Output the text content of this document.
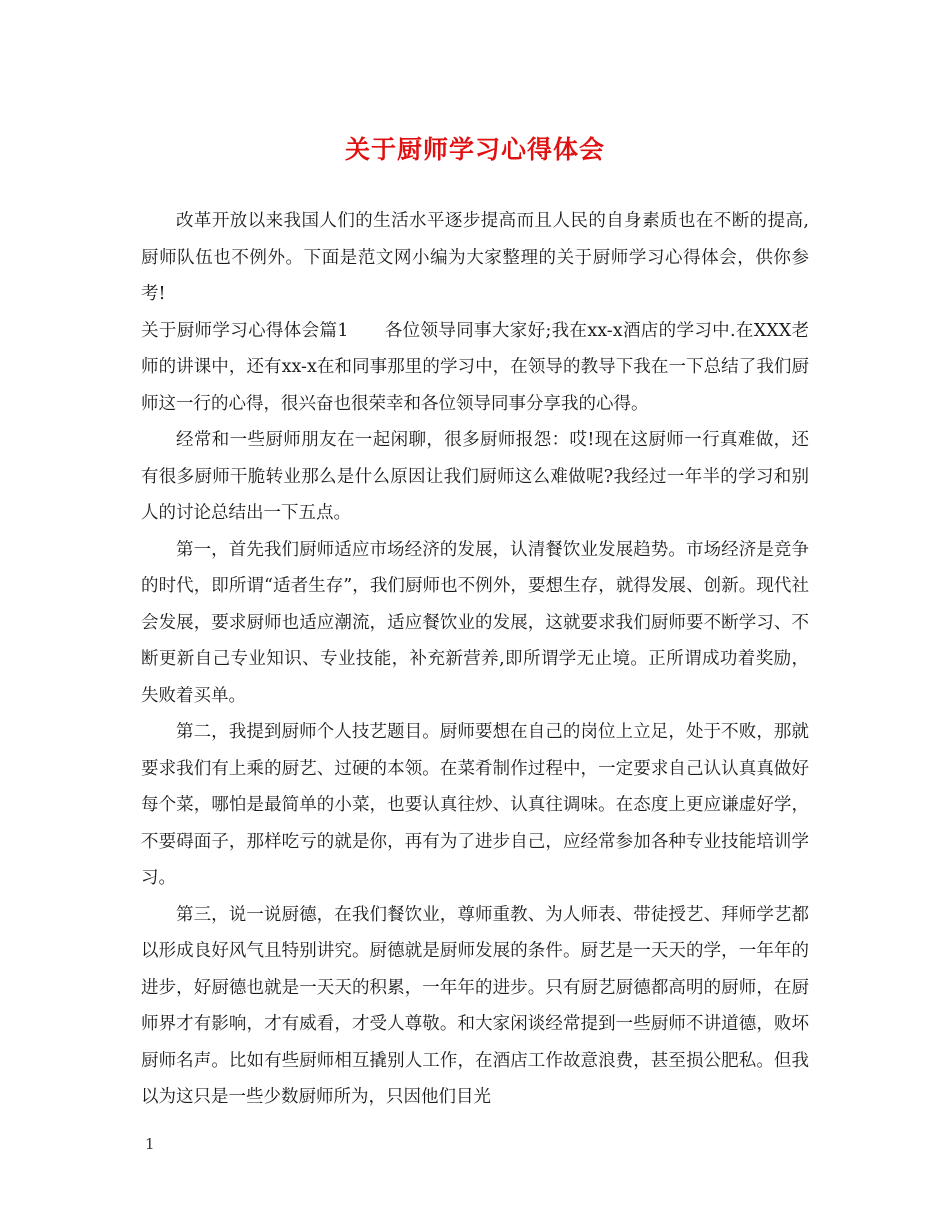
关于厨师学习心得体会

改革开放以来我国人们的生活水平逐步提高而且人民的自身素质也在不断的提高,厨师队伍也不例外。下面是范文网小编为大家整理的关于厨师学习心得体会，供你参考!

关于厨师学习心得体会篇1 各位领导同事大家好;我在xx-x酒店的学习中.在XXX老师的讲课中，还有xx-x在和同事那里的学习中，在领导的教导下我在一下总结了我们厨师这一行的心得，很兴奋也很荣幸和各位领导同事分享我的心得。

经常和一些厨师朋友在一起闲聊，很多厨师报怨：哎!现在这厨师一行真难做，还有很多厨师干脆转业那么是什么原因让我们厨师这么难做呢?我经过一年半的学习和别人的讨论总结出一下五点。

第一，首先我们厨师适应市场经济的发展，认清餐饮业发展趋势。市场经济是竞争的时代，即所谓“适者生存”，我们厨师也不例外，要想生存，就得发展、创新。现代社会发展，要求厨师也适应潮流，适应餐饮业的发展，这就要求我们厨师要不断学习、不断更新自己专业知识、专业技能，补充新营养,即所谓学无止境。正所谓成功着奖励，失败着买单。

第二，我提到厨师个人技艺题目。厨师要想在自己的岗位上立足，处于不败，那就要求我们有上乘的厨艺、过硬的本领。在菜肴制作过程中，一定要求自己认认真真做好每个菜，哪怕是最简单的小菜，也要认真往炒、认真往调味。在态度上更应谦虚好学，不要碍面子，那样吃亏的就是你，再有为了进步自己，应经常参加各种专业技能培训学习。

第三，说一说厨德，在我们餐饮业，尊师重教、为人师表、带徒授艺、拜师学艺都以形成良好风气且特别讲究。厨德就是厨师发展的条件。厨艺是一天天的学，一年年的进步，好厨德也就是一天天的积累，一年年的进步。只有厨艺厨德都高明的厨师，在厨师界才有影响，才有威看，才受人尊敬。和大家闲谈经常提到一些厨师不讲道德，败坏厨师名声。比如有些厨师相互撬别人工作，在酒店工作故意浪费，甚至损公肥私。但我以为这只是一些少数厨师所为，只因他们目光

1
